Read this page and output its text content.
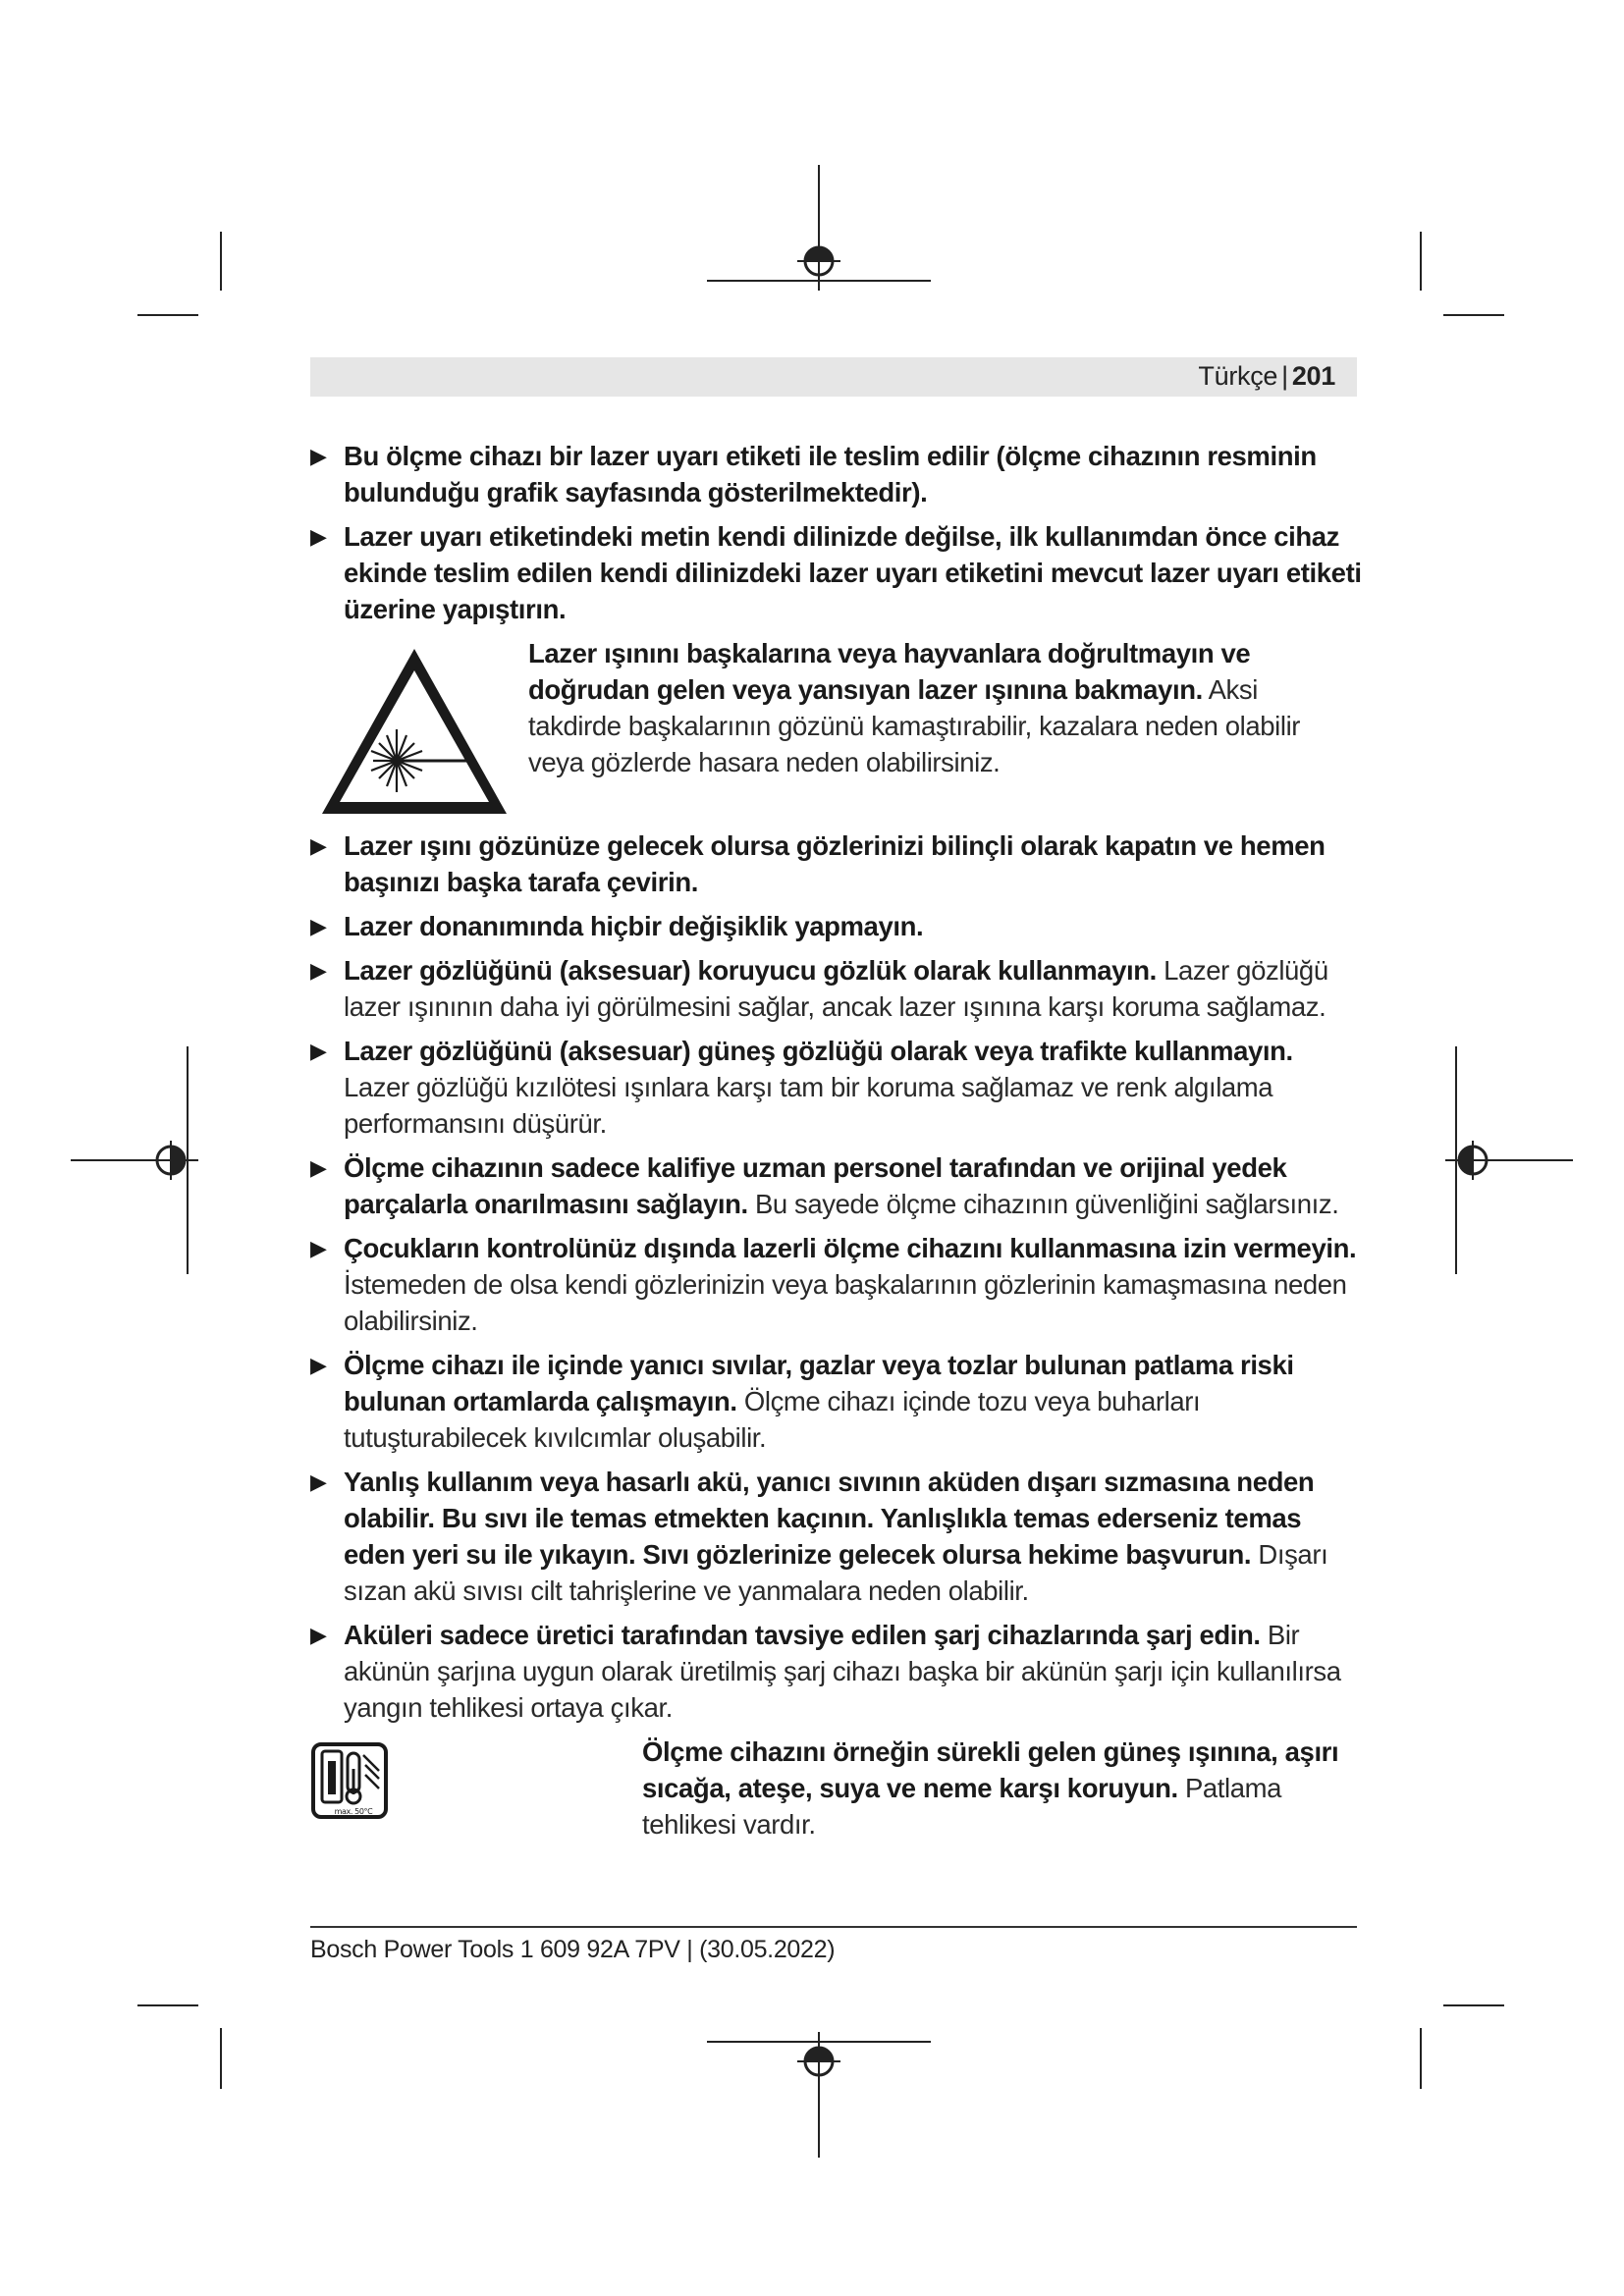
Türkçe | 201
▶ Bu ölçme cihazı bir lazer uyarı etiketi ile teslim edilir (ölçme cihazının resminin bulunduğu grafik sayfasında gösterilmektedir).
▶ Lazer uyarı etiketindeki metin kendi dilinizde değilse, ilk kullanımdan önce cihaz ekinde teslim edilen kendi dilinizdeki lazer uyarı etiketini mevcut lazer uyarı etiketi üzerine yapıştırın.
Lazer ışınını başkalarına veya hayvanlara doğrultmayın ve doğrudan gelen veya yansıyan lazer ışınına bakmayın. Aksi takdirde başkalarının gözünü kamaştırabilir, kazalara neden olabilir veya gözlerde hasara neden olabilirsiniz.
▶ Lazer ışını gözünüze gelecek olursa gözlerinizi bilinçli olarak kapatın ve hemen başınızı başka tarafa çevirin.
▶ Lazer donanımında hiçbir değişiklik yapmayın.
▶ Lazer gözlüğünü (aksesuar) koruyucu gözlük olarak kullanmayın. Lazer gözlüğü lazer ışınının daha iyi görülmesini sağlar, ancak lazer ışınına karşı koruma sağlamaz.
▶ Lazer gözlüğünü (aksesuar) güneş gözlüğü olarak veya trafikte kullanmayın. Lazer gözlüğü kızılötesi ışınlara karşı tam bir koruma sağlamaz ve renk algılama performansını düşürür.
▶ Ölçme cihazının sadece kalifiye uzman personel tarafından ve orijinal yedek parçalarla onarılmasını sağlayın. Bu sayede ölçme cihazının güvenliğini sağlarsınız.
▶ Çocukların kontrolünüz dışında lazerli ölçme cihazını kullanmasına izin vermeyin. İstemeden de olsa kendi gözlerinizin veya başkalarının gözlerinin kamaşmasına neden olabilirsiniz.
▶ Ölçme cihazı ile içinde yanıcı sıvılar, gazlar veya tozlar bulunan patlama riski bulunan ortamlarda çalışmayın. Ölçme cihazı içinde tozu veya buharları tutuşturabilecek kıvılcımlar oluşabilir.
▶ Yanlış kullanım veya hasarlı akü, yanıcı sıvının aküden dışarı sızmasına neden olabilir. Bu sıvı ile temas etmekten kaçının. Yanlışlıkla temas ederseniz temas eden yeri su ile yıkayın. Sıvı gözlerinize gelecek olursa hekime başvurun. Dışarı sızan akü sıvısı cilt tahrişlerine ve yanmalara neden olabilir.
▶ Aküleri sadece üretici tarafından tavsiye edilen şarj cihazlarında şarj edin. Bir akünün şarjına uygun olarak üretilmiş şarj cihazı başka bir akünün şarjı için kullanılırsa yangın tehlikesi ortaya çıkar.
max. 50°C
Ölçme cihazını örneğin sürekli gelen güneş ışınına, aşırı sıcağa, ateşe, suya ve neme karşı koruyun. Patlama tehlikesi vardır.
Bosch Power Tools 1 609 92A 7PV | (30.05.2022)
